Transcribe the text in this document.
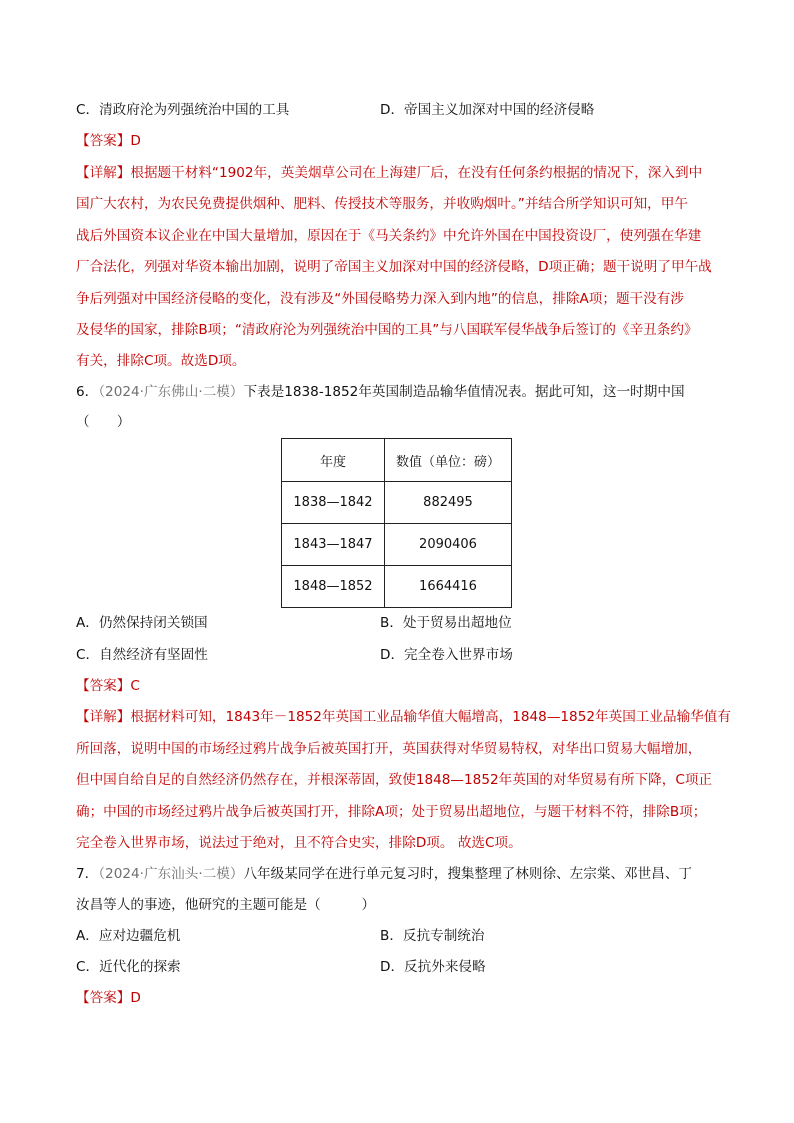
C．清政府沦为列强统治中国的工具	D．帝国主义加深对中国的经济侵略
【答案】D
【详解】根据题干材料“1902年，英美烟草公司在上海建厂后，在没有任何条约根据的情况下，深入到中
国广大农村，为农民免费提供烟种、肥料、传授技术等服务，并收购烟叶。”并结合所学知识可知，甲午
战后外国资本议企业在中国大量增加，原因在于《马关条约》中允许外国在中国投资设厂，使列强在华建
厂合法化，列强对华资本输出加剧，说明了帝国主义加深对中国的经济侵略，D项正确；题干说明了甲午战
争后列强对中国经济侵略的变化，没有涉及“外国侵略势力深入到内地”的信息，排除A项；题干没有涉
及侵华的国家，排除B项；“清政府沦为列强统治中国的工具”与八国联军侵华战争后签订的《辛丑条约》
有关，排除C项。故选D项。
6．（2024·广东佛山·二模）下表是1838-1852年英国制造品输华值情况表。据此可知，这一时期中国
（　　）
年度	数值（单位：磅）
1838—1842	882495
1843—1847	2090406
1848—1852	1664416
A．仍然保持闭关锁国	B．处于贸易出超地位
C．自然经济有坚固性	D．完全卷入世界市场
【答案】C
【详解】根据材料可知，1843年－1852年英国工业品输华值大幅增高，1848—1852年英国工业品输华值有
所回落，说明中国的市场经过鸦片战争后被英国打开，英国获得对华贸易特权，对华出口贸易大幅增加，
但中国自给自足的自然经济仍然存在，并根深蒂固，致使1848—1852年英国的对华贸易有所下降，C项正
确；中国的市场经过鸦片战争后被英国打开，排除A项；处于贸易出超地位，与题干材料不符，排除B项；
完全卷入世界市场，说法过于绝对，且不符合史实，排除D项。 故选C项。
7．（2024·广东汕头·二模）八年级某同学在进行单元复习时，搜集整理了林则徐、左宗棠、邓世昌、丁
汝昌等人的事迹，他研究的主题可能是（　　　）
A．应对边疆危机	B．反抗专制统治
C．近代化的探索	D．反抗外来侵略
【答案】D
